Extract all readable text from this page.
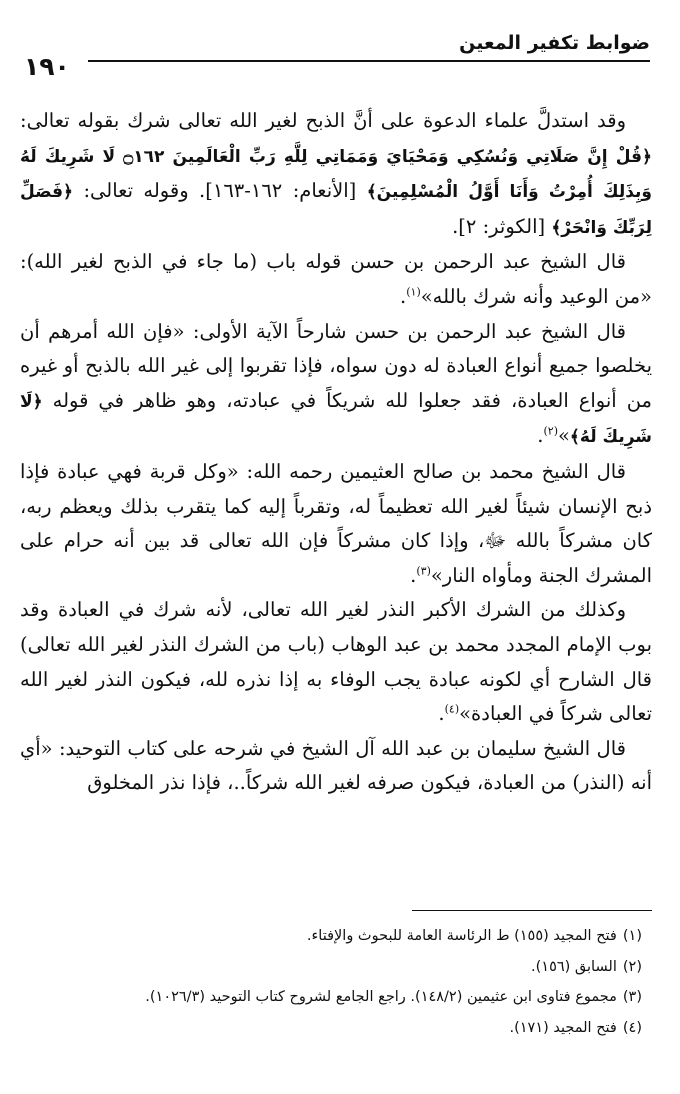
ضوابط تكفير المعين
١٩٠

وقد استدلَّ علماء الدعوة على أنَّ الذبح لغير الله تعالى شرك بقوله تعالى: ﴿قُلْ إِنَّ صَلَاتِي وَنُسُكِي وَمَحْيَايَ وَمَمَاتِي لِلَّهِ رَبِّ الْعَالَمِينَ ۝١٦٢ لَا شَرِيكَ لَهُ وَبِذَلِكَ أُمِرْتُ وَأَنَا أَوَّلُ الْمُسْلِمِينَ﴾ [الأنعام: ١٦٢-١٦٣]. وقوله تعالى: ﴿فَصَلِّ لِرَبِّكَ وَانْحَرْ﴾ [الكوثر: ٢].

قال الشيخ عبد الرحمن بن حسن قوله باب (ما جاء في الذبح لغير الله): «من الوعيد وأنه شرك بالله»$^{(١)}$.

قال الشيخ عبد الرحمن بن حسن شارحاً الآية الأولى: «فإن الله أمرهم أن يخلصوا جميع أنواع العبادة له دون سواه، فإذا تقربوا إلى غير الله بالذبح أو غيره من أنواع العبادة، فقد جعلوا لله شريكاً في عبادته، وهو ظاهر في قوله ﴿لَا شَرِيكَ لَهُ﴾»$^{(٢)}$.

قال الشيخ محمد بن صالح العثيمين رحمه الله: «وكل قربة فهي عبادة فإذا ذبح الإنسان شيئاً لغير الله تعظيماً له، وتقرباً إليه كما يتقرب بذلك ويعظم ربه، كان مشركاً بالله ﷻ، وإذا كان مشركاً فإن الله تعالى قد بين أنه حرام على المشرك الجنة ومأواه النار»$^{(٣)}$.

وكذلك من الشرك الأكبر النذر لغير الله تعالى، لأنه شرك في العبادة وقد بوب الإمام المجدد محمد بن عبد الوهاب (باب من الشرك النذر لغير الله تعالى) قال الشارح أي لكونه عبادة يجب الوفاء به إذا نذره لله، فيكون النذر لغير الله تعالى شركاً في العبادة»$^{(٤)}$.

قال الشيخ سليمان بن عبد الله آل الشيخ في شرحه على كتاب التوحيد: «أي أنه (النذر) من العبادة، فيكون صرفه لغير الله شركاً..، فإذا نذر المخلوق

(١)فتح المجيد (١٥٥) ط الرئاسة العامة للبحوث والإفتاء.
(٢)السابق (١٥٦).
(٣)مجموع فتاوى ابن عثيمين (١٤٨/٢). راجع الجامع لشروح كتاب التوحيد (١٠٢٦/٣).
(٤)فتح المجيد (١٧١).
